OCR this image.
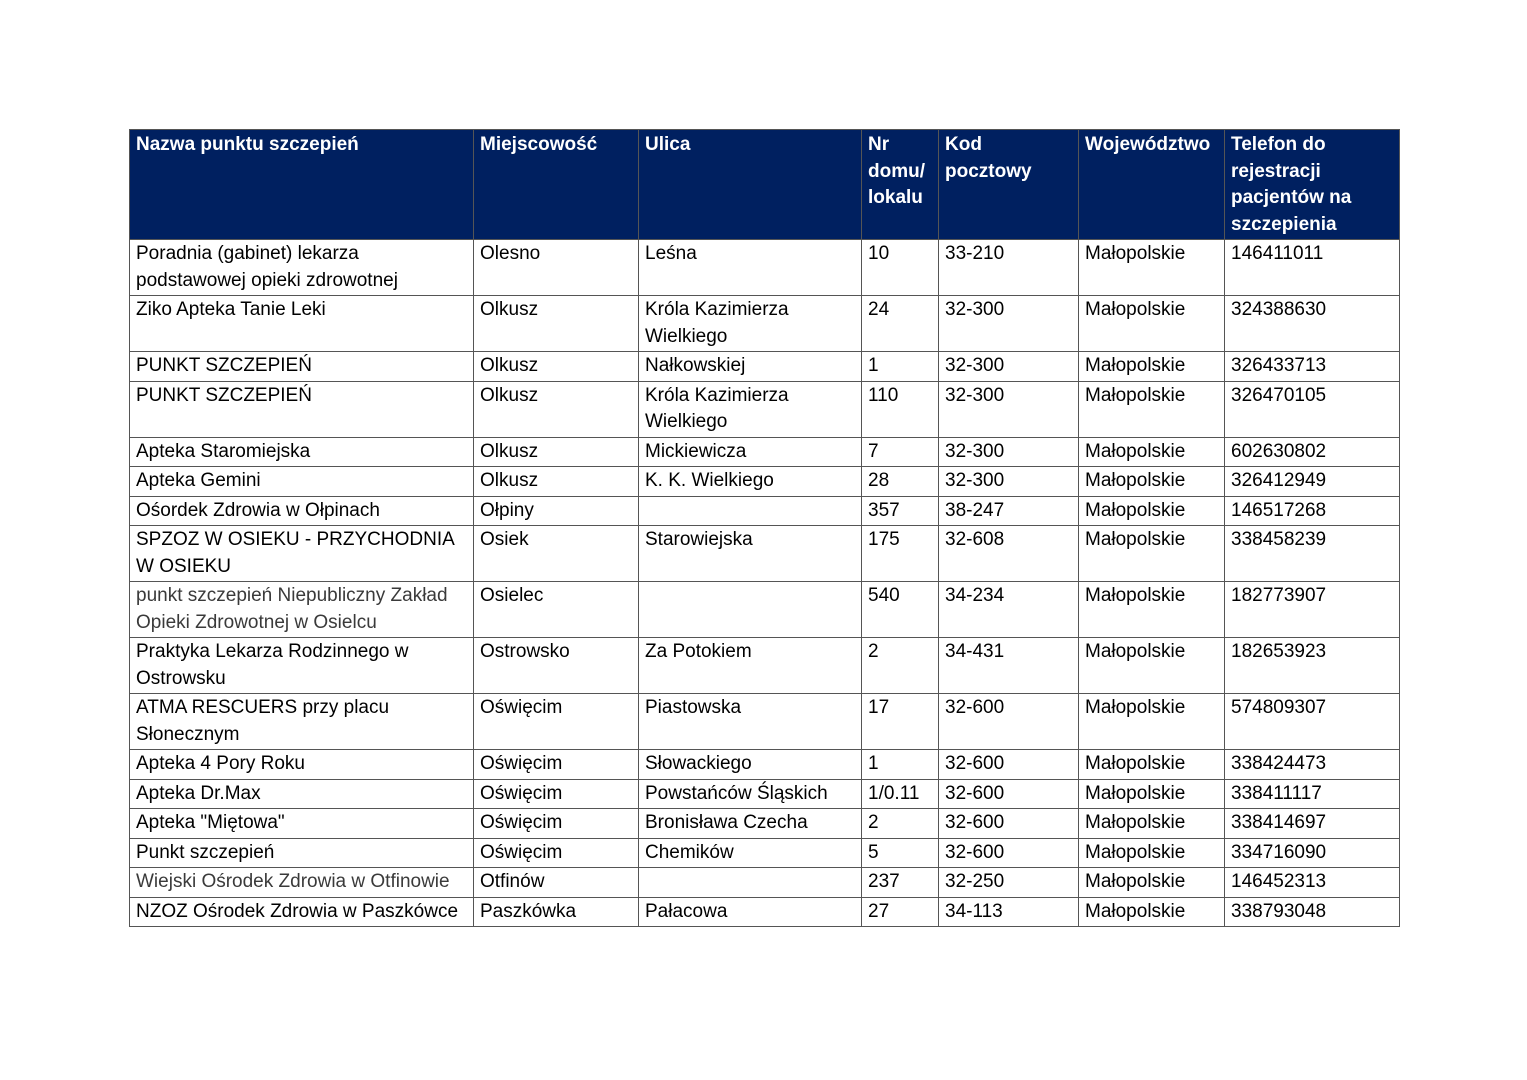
Nazwa punktu szczepień	Miejscowość	Ulica	Nr domu/ lokalu	Kod pocztowy	Województwo	Telefon do rejestracji pacjentów na szczepienia
Poradnia (gabinet) lekarza podstawowej opieki zdrowotnej	Olesno	Leśna	10	33-210	Małopolskie	146411011
Ziko Apteka Tanie Leki	Olkusz	Króla Kazimierza Wielkiego	24	32-300	Małopolskie	324388630
PUNKT SZCZEPIEŃ	Olkusz	Nałkowskiej	1	32-300	Małopolskie	326433713
PUNKT SZCZEPIEŃ	Olkusz	Króla Kazimierza Wielkiego	110	32-300	Małopolskie	326470105
Apteka Staromiejska	Olkusz	Mickiewicza	7	32-300	Małopolskie	602630802
Apteka Gemini	Olkusz	K. K. Wielkiego	28	32-300	Małopolskie	326412949
Ośordek Zdrowia w Ołpinach	Ołpiny		357	38-247	Małopolskie	146517268
SPZOZ W OSIEKU - PRZYCHODNIA W OSIEKU	Osiek	Starowiejska	175	32-608	Małopolskie	338458239
punkt szczepień Niepubliczny Zakład Opieki Zdrowotnej w Osielcu	Osielec		540	34-234	Małopolskie	182773907
Praktyka Lekarza Rodzinnego w Ostrowsku	Ostrowsko	Za Potokiem	2	34-431	Małopolskie	182653923
ATMA RESCUERS przy placu Słonecznym	Oświęcim	Piastowska	17	32-600	Małopolskie	574809307
Apteka 4 Pory Roku	Oświęcim	Słowackiego	1	32-600	Małopolskie	338424473
Apteka Dr.Max	Oświęcim	Powstańców Śląskich	1/0.11	32-600	Małopolskie	338411117
Apteka "Miętowa"	Oświęcim	Bronisława Czecha	2	32-600	Małopolskie	338414697
Punkt szczepień	Oświęcim	Chemików	5	32-600	Małopolskie	334716090
Wiejski Ośrodek Zdrowia w Otfinowie	Otfinów		237	32-250	Małopolskie	146452313
NZOZ Ośrodek Zdrowia w Paszkówce	Paszkówka	Pałacowa	27	34-113	Małopolskie	338793048
